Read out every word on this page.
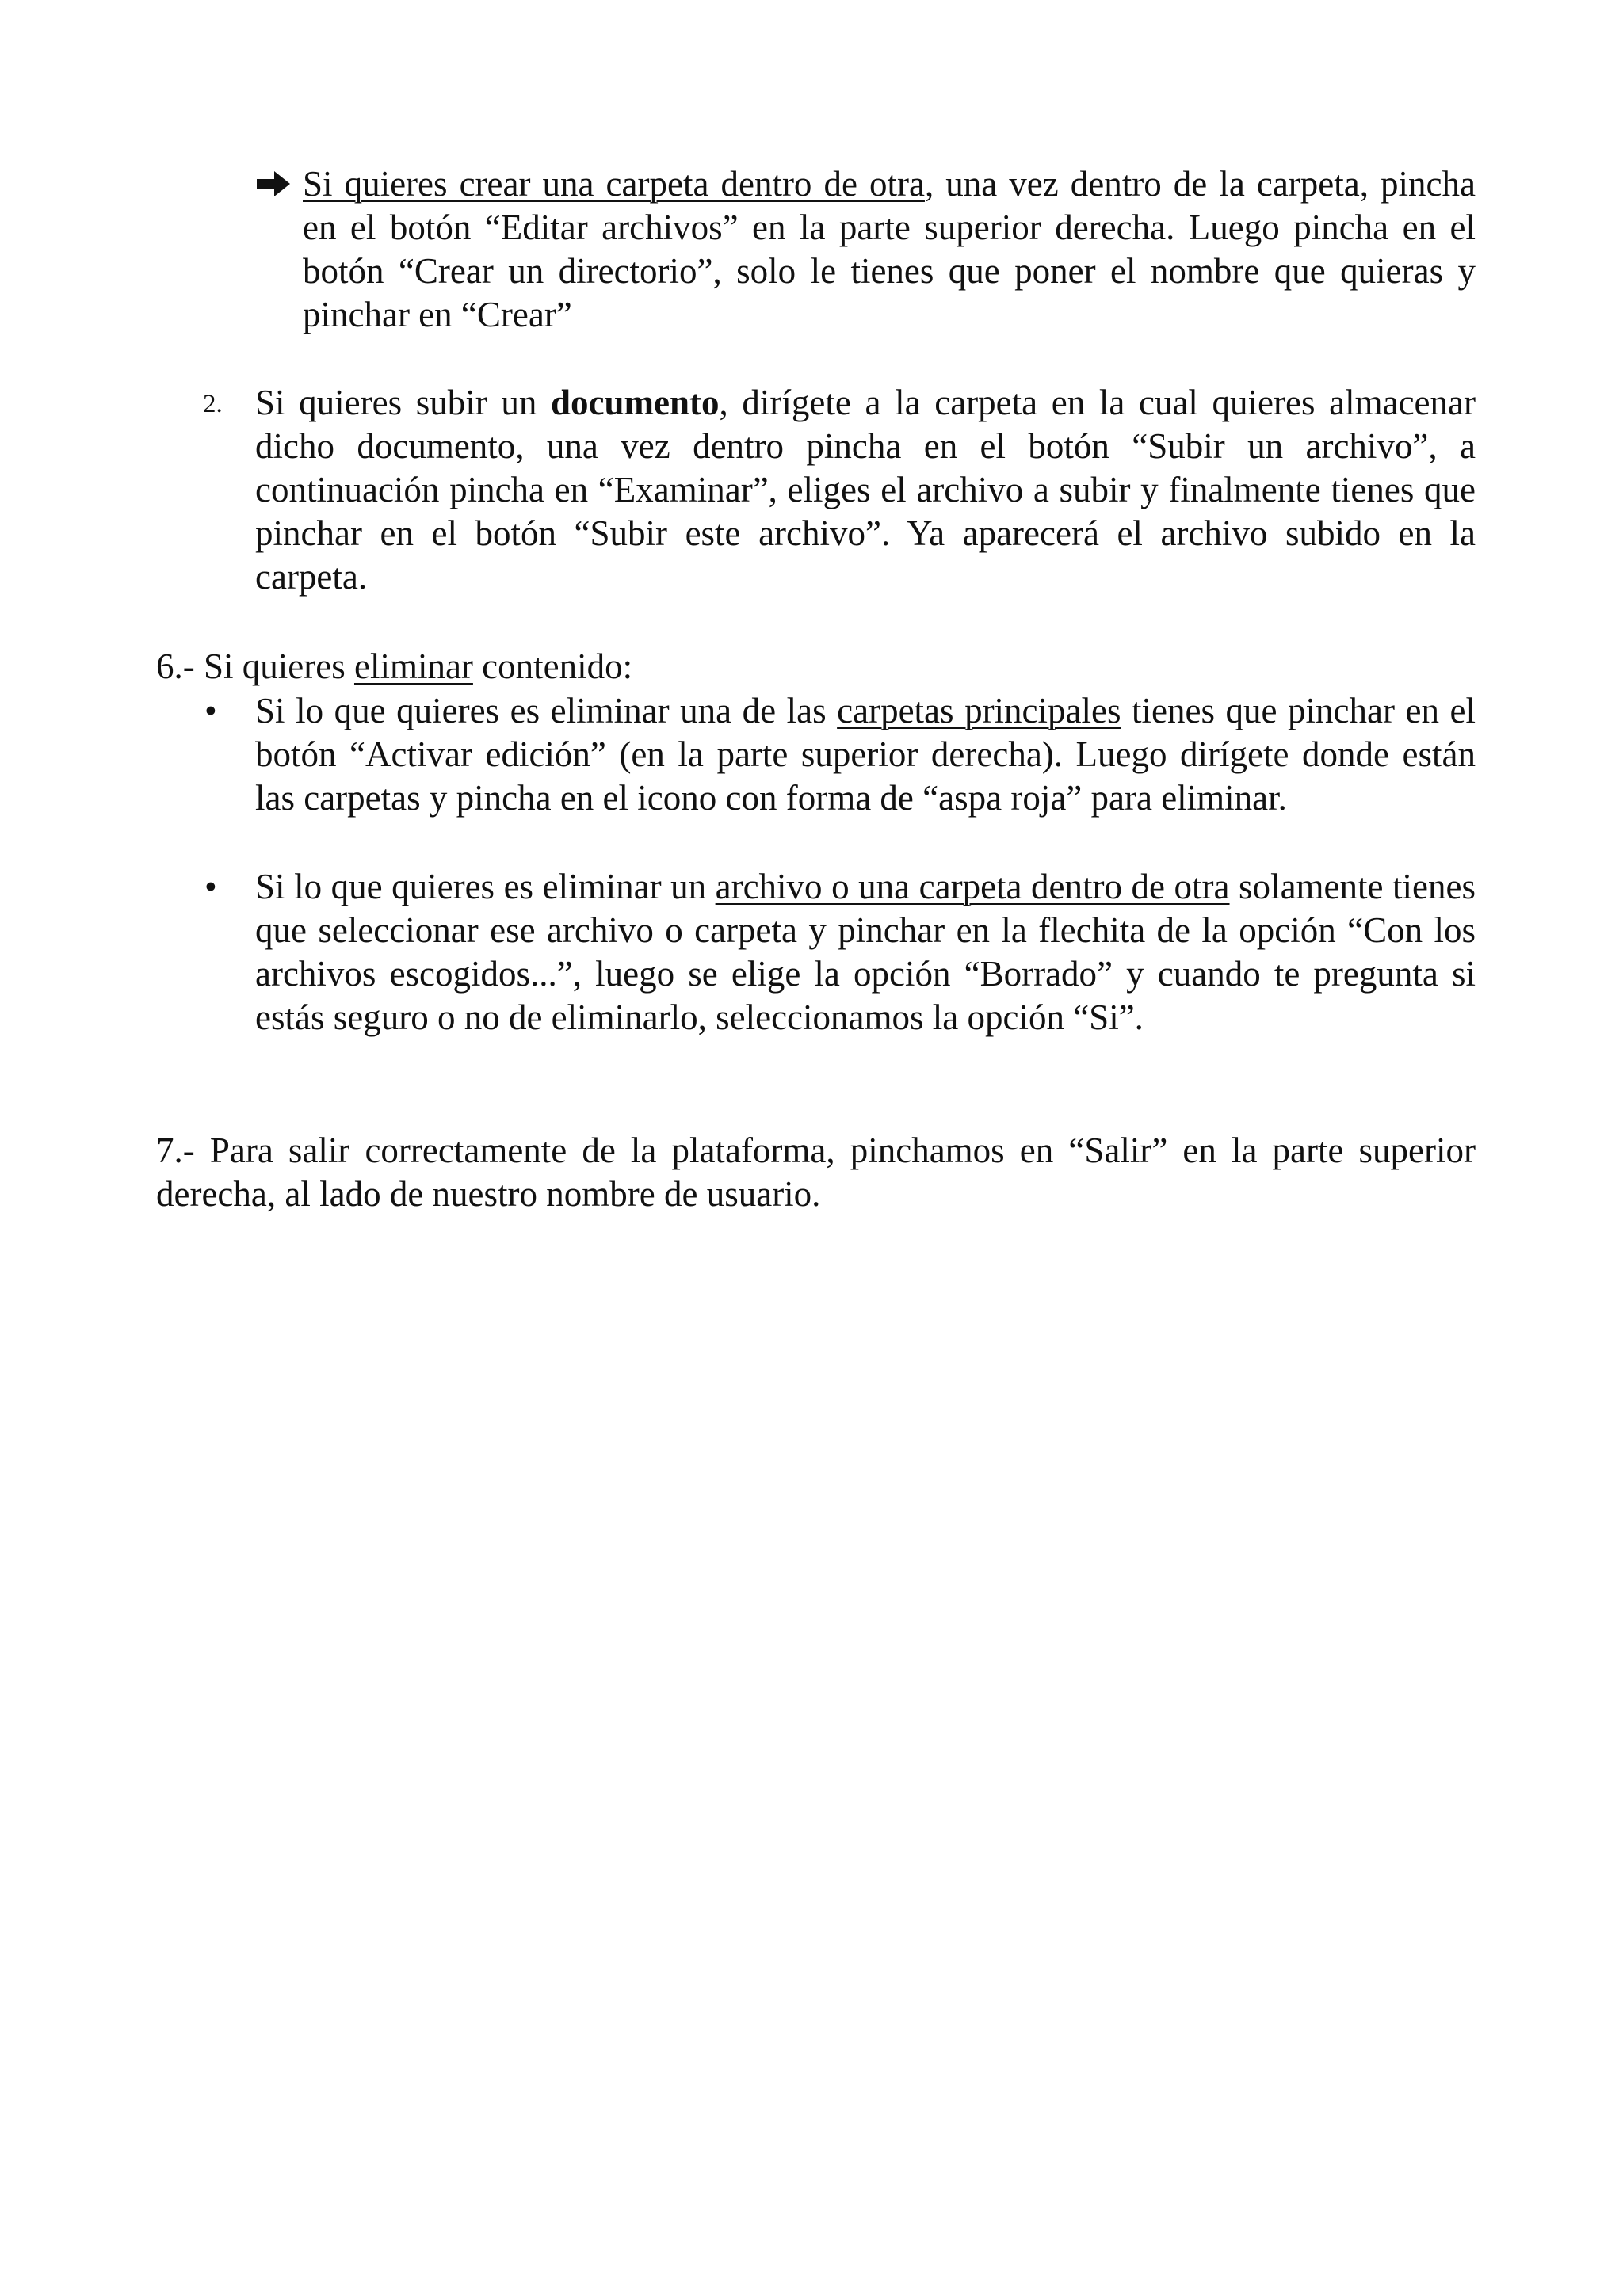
Si quieres crear una carpeta dentro de otra, una vez dentro de la carpeta, pincha en el botón “Editar archivos” en la parte superior derecha. Luego pincha en el botón “Crear un directorio”, solo le tienes que poner el nombre que quieras y pinchar en “Crear”
2. Si quieres subir un documento, dirígete a la carpeta en la cual quieres almacenar dicho documento, una vez dentro pincha en el botón “Subir un archivo”, a continuación pincha en “Examinar”, eliges el archivo a subir y finalmente tienes que pinchar en el botón “Subir este archivo”. Ya aparecerá el archivo subido en la carpeta.
6.- Si quieres eliminar contenido:
• Si lo que quieres es eliminar una de las carpetas principales tienes que pinchar en el botón “Activar edición” (en la parte superior derecha). Luego dirígete donde están las carpetas y pincha en el icono con forma de “aspa roja” para eliminar.
• Si lo que quieres es eliminar un archivo o una carpeta dentro de otra solamente tienes que seleccionar ese archivo o carpeta y pinchar en la flechita de la opción “Con los archivos escogidos...”, luego se elige la opción “Borrado” y cuando te pregunta si estás seguro o no de eliminarlo, seleccionamos la opción “Si”.
7.- Para salir correctamente de la plataforma, pinchamos en “Salir” en la parte superior derecha, al lado de nuestro nombre de usuario.
